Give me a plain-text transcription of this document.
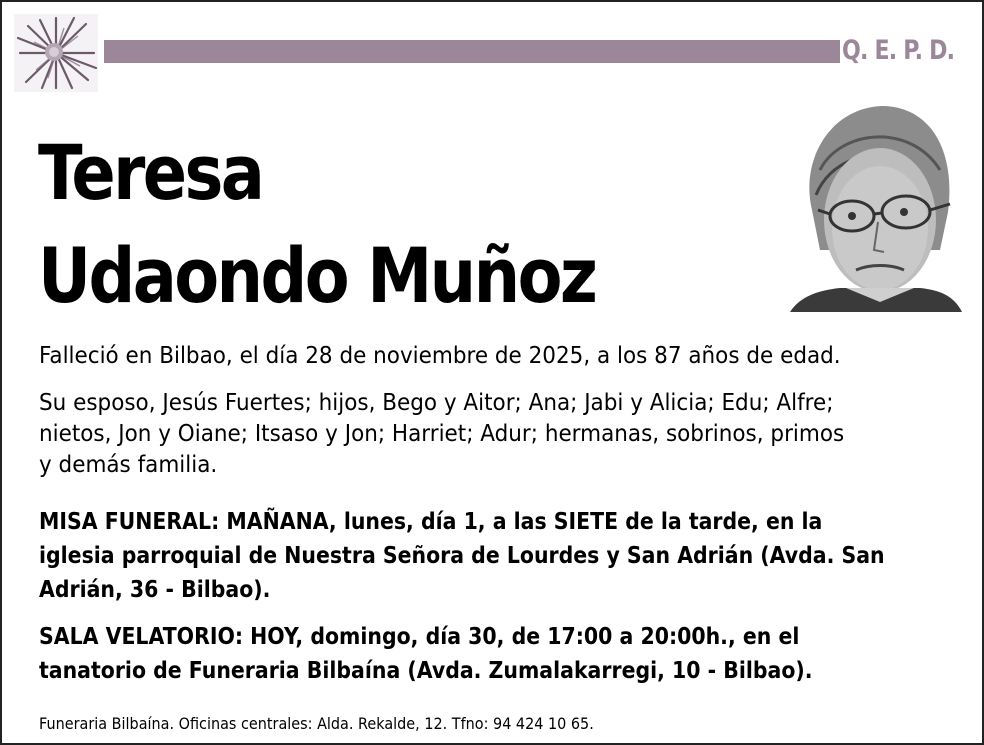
Q. E. P. D.
Teresa
Udaondo Muñoz
Falleció en Bilbao, el día 28 de noviembre de 2025, a los 87 años de edad.
Su esposo, Jesús Fuertes; hijos, Bego y Aitor; Ana; Jabi y Alicia; Edu; Alfre;
nietos, Jon y Oiane; Itsaso y Jon; Harriet; Adur; hermanas, sobrinos, primos
y demás familia.
MISA FUNERAL: MAÑANA, lunes, día 1, a las SIETE de la tarde, en la
iglesia parroquial de Nuestra Señora de Lourdes y San Adrián (Avda. San
Adrián, 36 - Bilbao).
SALA VELATORIO: HOY, domingo, día 30, de 17:00 a 20:00h., en el
tanatorio de Funeraria Bilbaína (Avda. Zumalakarregi, 10 - Bilbao).
Funeraria Bilbaína. Oficinas centrales: Alda. Rekalde, 12. Tfno: 94 424 10 65.
